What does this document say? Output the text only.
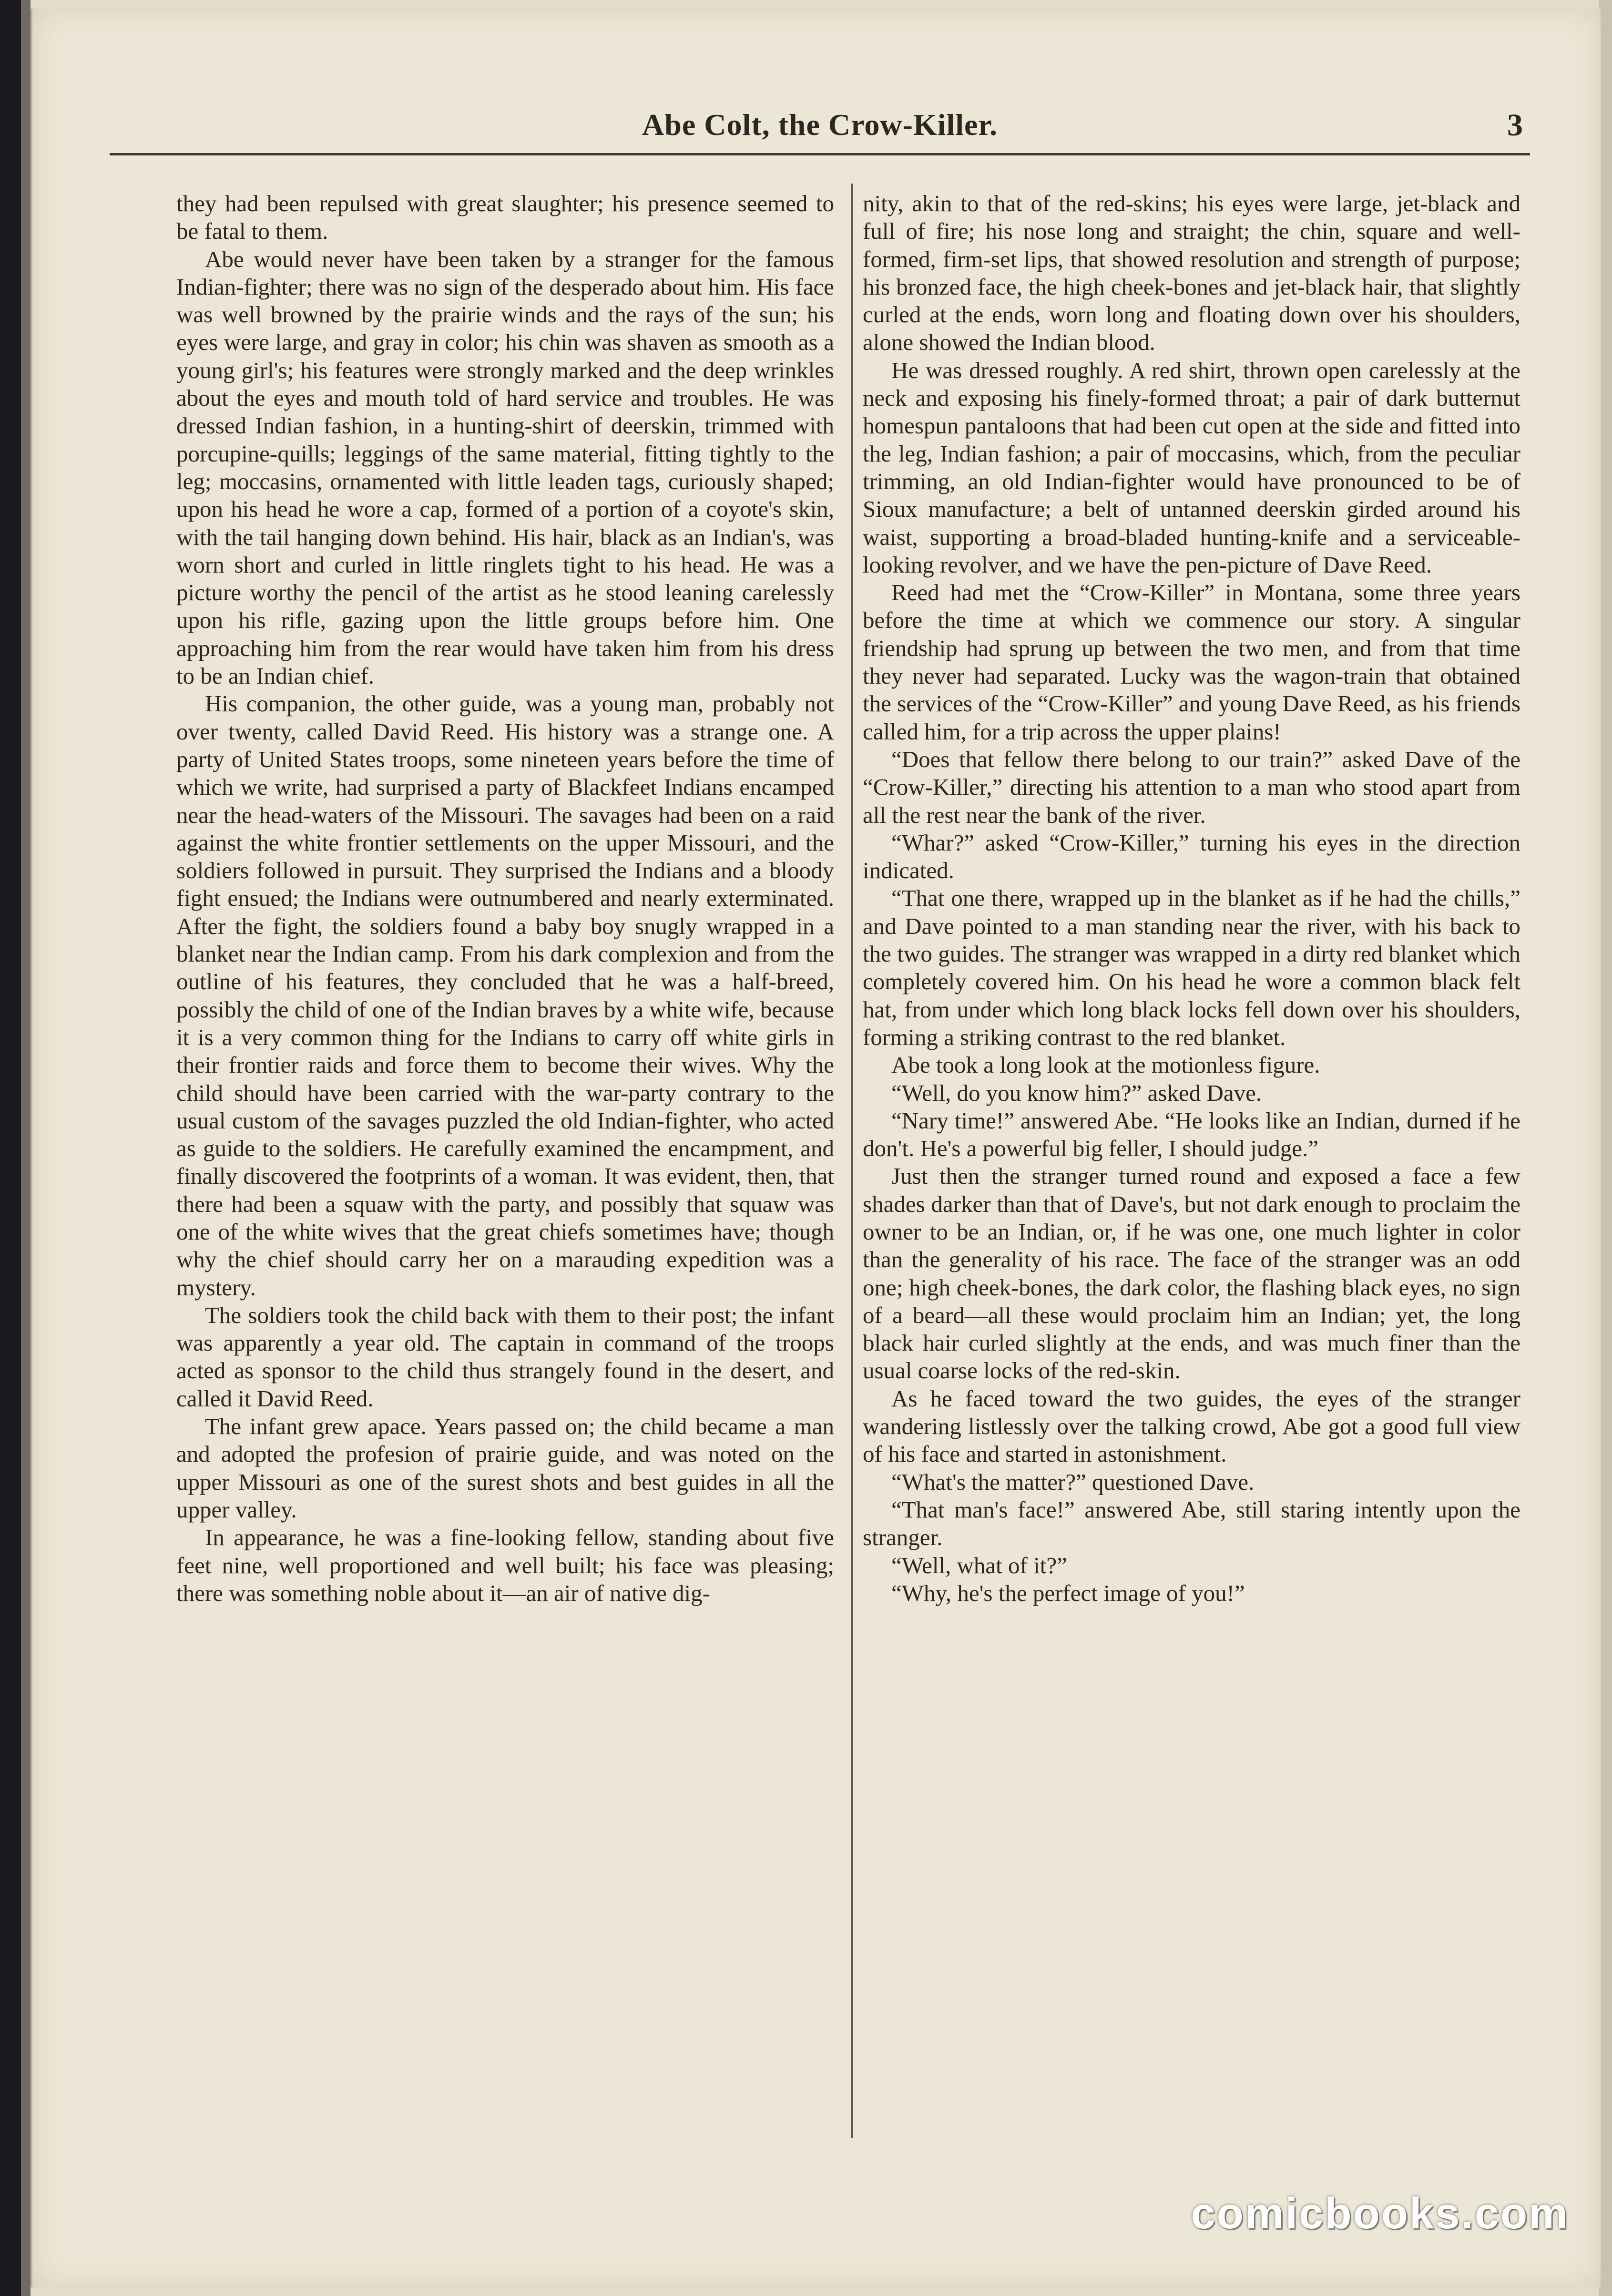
Abe Colt, the Crow-Killer.	3

they had been repulsed with great slaughter; his presence seemed to be fatal to them.

Abe would never have been taken by a stranger for the famous Indian-fighter; there was no sign of the desperado about him. His face was well browned by the prairie winds and the rays of the sun; his eyes were large, and gray in color; his chin was shaven as smooth as a young girl's; his features were strongly marked and the deep wrinkles about the eyes and mouth told of hard service and troubles. He was dressed Indian fashion, in a hunting-shirt of deerskin, trimmed with porcupine-quills; leggings of the same material, fitting tightly to the leg; moccasins, ornamented with little leaden tags, curiously shaped; upon his head he wore a cap, formed of a portion of a coyote's skin, with the tail hanging down behind. His hair, black as an Indian's, was worn short and curled in little ringlets tight to his head. He was a picture worthy the pencil of the artist as he stood leaning carelessly upon his rifle, gazing upon the little groups before him. One approaching him from the rear would have taken him from his dress to be an Indian chief.

His companion, the other guide, was a young man, probably not over twenty, called David Reed. His history was a strange one. A party of United States troops, some nineteen years before the time of which we write, had surprised a party of Blackfeet Indians encamped near the head-waters of the Missouri. The savages had been on a raid against the white frontier settlements on the upper Missouri, and the soldiers followed in pursuit. They surprised the Indians and a bloody fight ensued; the Indians were outnumbered and nearly exterminated. After the fight, the soldiers found a baby boy snugly wrapped in a blanket near the Indian camp. From his dark complexion and from the outline of his features, they concluded that he was a half-breed, possibly the child of one of the Indian braves by a white wife, because it is a very common thing for the Indians to carry off white girls in their frontier raids and force them to become their wives. Why the child should have been carried with the war-party contrary to the usual custom of the savages puzzled the old Indian-fighter, who acted as guide to the soldiers. He carefully examined the encampment, and finally discovered the footprints of a woman. It was evident, then, that there had been a squaw with the party, and possibly that squaw was one of the white wives that the great chiefs sometimes have; though why the chief should carry her on a marauding expedition was a mystery.

The soldiers took the child back with them to their post; the infant was apparently a year old. The captain in command of the troops acted as sponsor to the child thus strangely found in the desert, and called it David Reed.

The infant grew apace. Years passed on; the child became a man and adopted the profesion of prairie guide, and was noted on the upper Missouri as one of the surest shots and best guides in all the upper valley.

In appearance, he was a fine-looking fellow, standing about five feet nine, well proportioned and well built; his face was pleasing; there was something noble about it—an air of native dig-

nity, akin to that of the red-skins; his eyes were large, jet-black and full of fire; his nose long and straight; the chin, square and well-formed, firm-set lips, that showed resolution and strength of purpose; his bronzed face, the high cheek-bones and jet-black hair, that slightly curled at the ends, worn long and floating down over his shoulders, alone showed the Indian blood.

He was dressed roughly. A red shirt, thrown open carelessly at the neck and exposing his finely-formed throat; a pair of dark butternut homespun pantaloons that had been cut open at the side and fitted into the leg, Indian fashion; a pair of moccasins, which, from the peculiar trimming, an old Indian-fighter would have pronounced to be of Sioux manufacture; a belt of untanned deerskin girded around his waist, supporting a broad-bladed hunting-knife and a serviceable-looking revolver, and we have the pen-picture of Dave Reed.

Reed had met the “Crow-Killer” in Montana, some three years before the time at which we commence our story. A singular friendship had sprung up between the two men, and from that time they never had separated. Lucky was the wagon-train that obtained the services of the “Crow-Killer” and young Dave Reed, as his friends called him, for a trip across the upper plains!

“Does that fellow there belong to our train?” asked Dave of the “Crow-Killer,” directing his attention to a man who stood apart from all the rest near the bank of the river.

“Whar?” asked “Crow-Killer,” turning his eyes in the direction indicated.

“That one there, wrapped up in the blanket as if he had the chills,” and Dave pointed to a man standing near the river, with his back to the two guides. The stranger was wrapped in a dirty red blanket which completely covered him. On his head he wore a common black felt hat, from under which long black locks fell down over his shoulders, forming a striking contrast to the red blanket.

Abe took a long look at the motionless figure.

“Well, do you know him?” asked Dave.

“Nary time!” answered Abe. “He looks like an Indian, durned if he don't. He's a powerful big feller, I should judge.”

Just then the stranger turned round and exposed a face a few shades darker than that of Dave's, but not dark enough to proclaim the owner to be an Indian, or, if he was one, one much lighter in color than the generality of his race. The face of the stranger was an odd one; high cheek-bones, the dark color, the flashing black eyes, no sign of a beard—all these would proclaim him an Indian; yet, the long black hair curled slightly at the ends, and was much finer than the usual coarse locks of the red-skin.

As he faced toward the two guides, the eyes of the stranger wandering listlessly over the talking crowd, Abe got a good full view of his face and started in astonishment.

“What's the matter?” questioned Dave.

“That man's face!” answered Abe, still staring intently upon the stranger.

“Well, what of it?”

“Why, he's the perfect image of you!”

comicbooks.com
